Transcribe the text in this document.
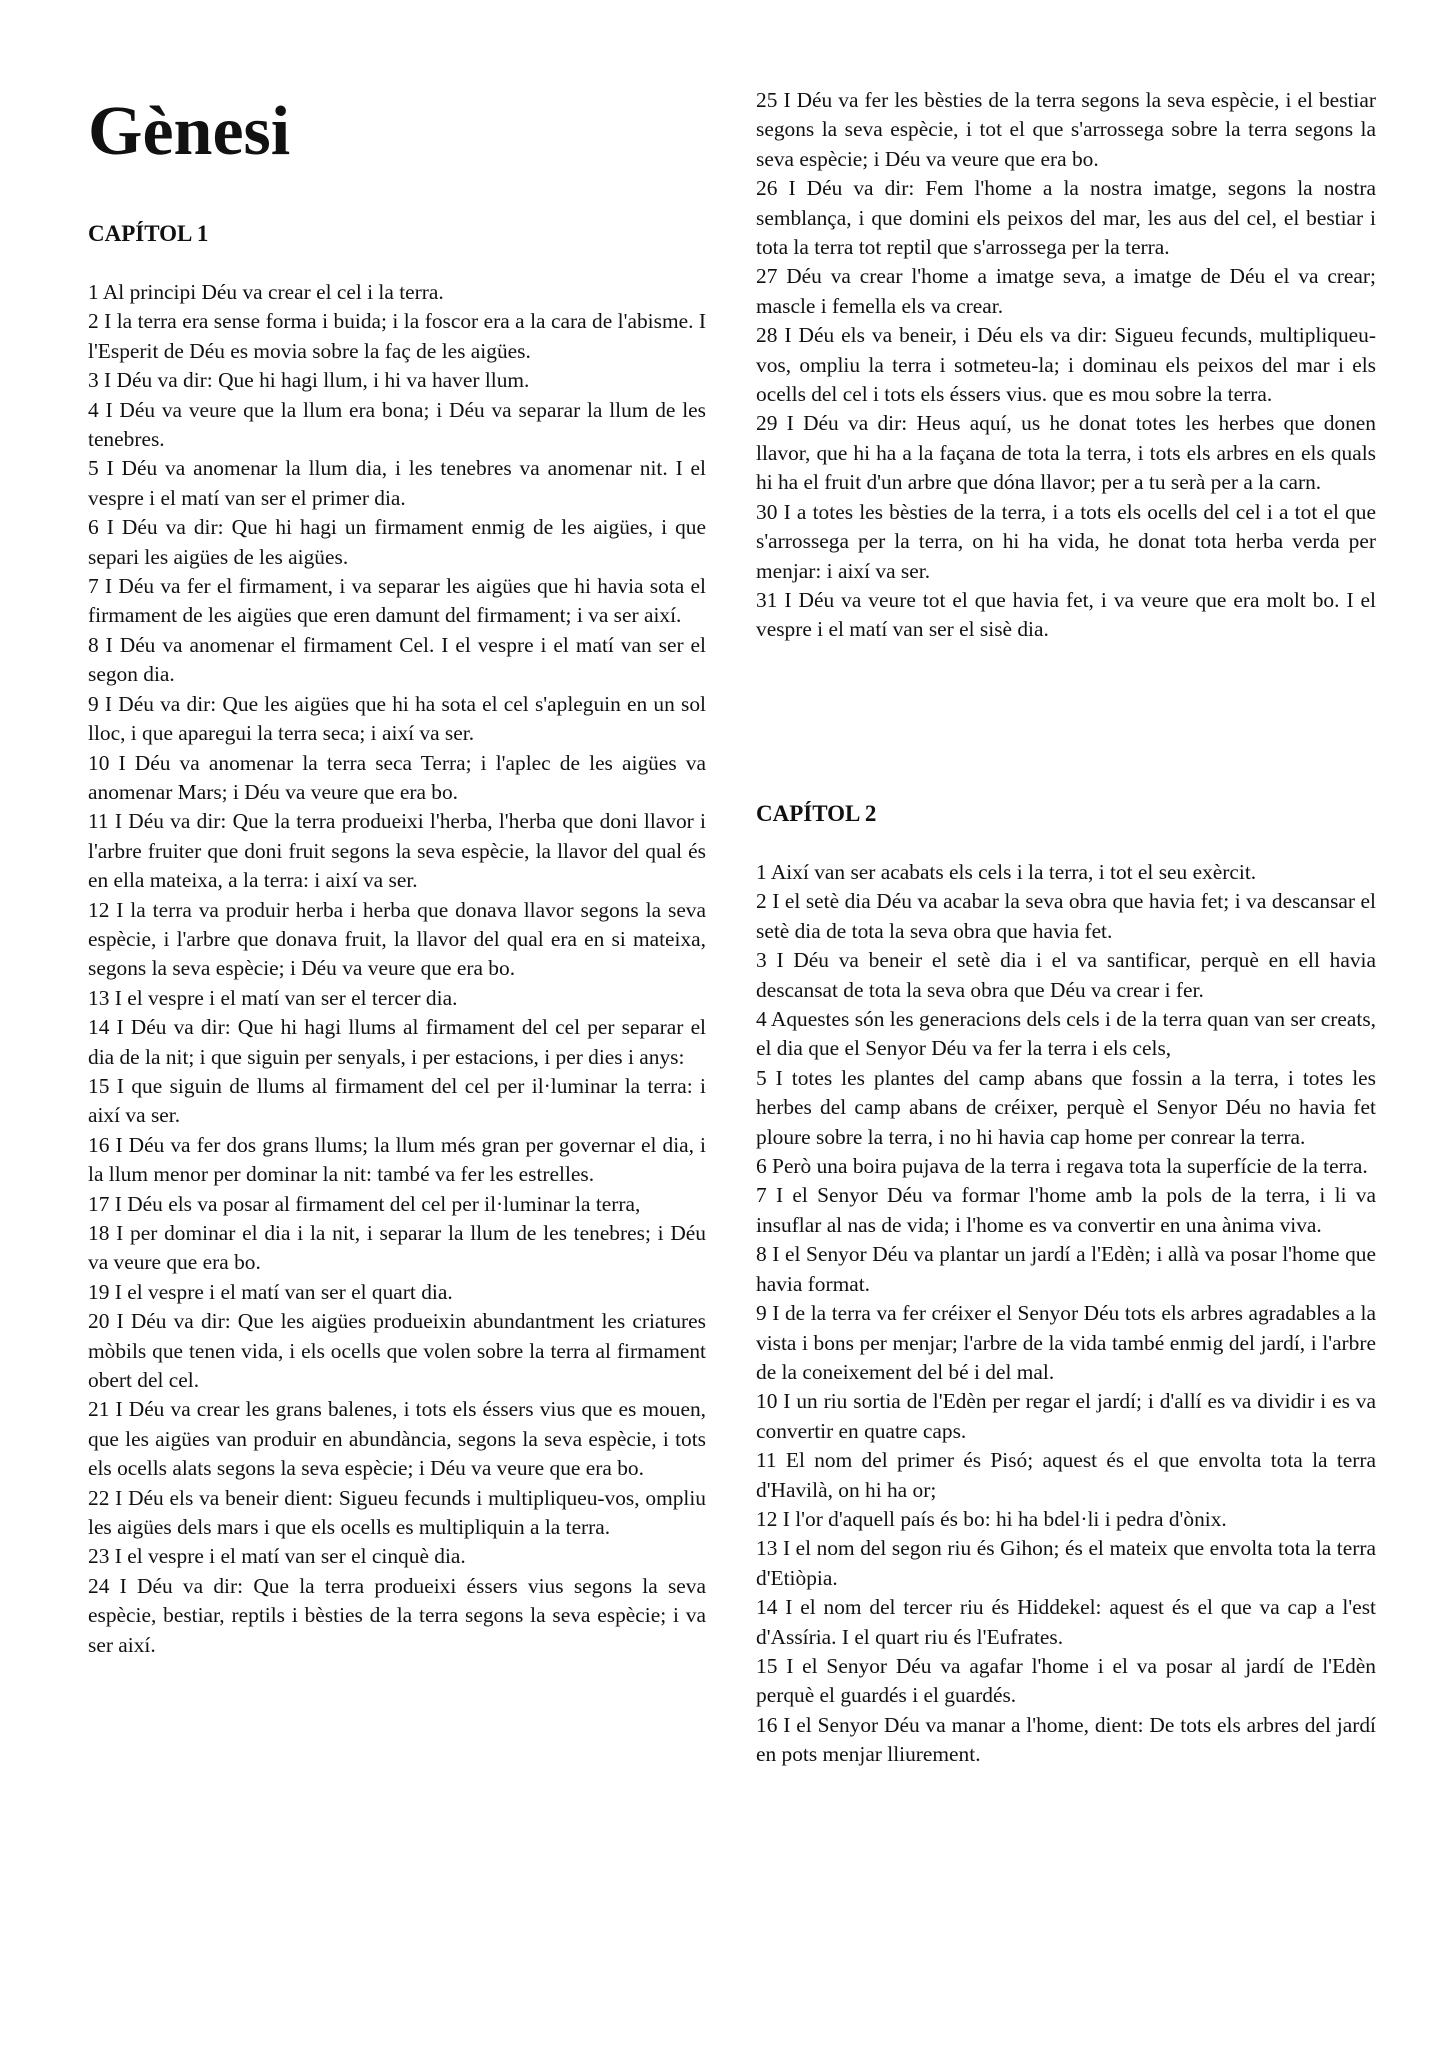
Gènesi
CAPÍTOL 1
1 Al principi Déu va crear el cel i la terra.
2 I la terra era sense forma i buida; i la foscor era a la cara de l'abisme. I l'Esperit de Déu es movia sobre la faç de les aigües.
3 I Déu va dir: Que hi hagi llum, i hi va haver llum.
4 I Déu va veure que la llum era bona; i Déu va separar la llum de les tenebres.
5 I Déu va anomenar la llum dia, i les tenebres va anomenar nit. I el vespre i el matí van ser el primer dia.
6 I Déu va dir: Que hi hagi un firmament enmig de les aigües, i que separi les aigües de les aigües.
7 I Déu va fer el firmament, i va separar les aigües que hi havia sota el firmament de les aigües que eren damunt del firmament; i va ser així.
8 I Déu va anomenar el firmament Cel. I el vespre i el matí van ser el segon dia.
9 I Déu va dir: Que les aigües que hi ha sota el cel s'apleguin en un sol lloc, i que aparegui la terra seca; i així va ser.
10 I Déu va anomenar la terra seca Terra; i l'aplec de les aigües va anomenar Mars; i Déu va veure que era bo.
11 I Déu va dir: Que la terra produeixi l'herba, l'herba que doni llavor i l'arbre fruiter que doni fruit segons la seva espècie, la llavor del qual és en ella mateixa, a la terra: i així va ser.
12 I la terra va produir herba i herba que donava llavor segons la seva espècie, i l'arbre que donava fruit, la llavor del qual era en si mateixa, segons la seva espècie; i Déu va veure que era bo.
13 I el vespre i el matí van ser el tercer dia.
14 I Déu va dir: Que hi hagi llums al firmament del cel per separar el dia de la nit; i que siguin per senyals, i per estacions, i per dies i anys:
15 I que siguin de llums al firmament del cel per il·luminar la terra: i així va ser.
16 I Déu va fer dos grans llums; la llum més gran per governar el dia, i la llum menor per dominar la nit: també va fer les estrelles.
17 I Déu els va posar al firmament del cel per il·luminar la terra,
18 I per dominar el dia i la nit, i separar la llum de les tenebres; i Déu va veure que era bo.
19 I el vespre i el matí van ser el quart dia.
20 I Déu va dir: Que les aigües produeixin abundantment les criatures mòbils que tenen vida, i els ocells que volen sobre la terra al firmament obert del cel.
21 I Déu va crear les grans balenes, i tots els éssers vius que es mouen, que les aigües van produir en abundància, segons la seva espècie, i tots els ocells alats segons la seva espècie; i Déu va veure que era bo.
22 I Déu els va beneir dient: Sigueu fecunds i multipliqueu-vos, ompliu les aigües dels mars i que els ocells es multipliquin a la terra.
23 I el vespre i el matí van ser el cinquè dia.
24 I Déu va dir: Que la terra produeixi éssers vius segons la seva espècie, bestiar, reptils i bèsties de la terra segons la seva espècie; i va ser així.
25 I Déu va fer les bèsties de la terra segons la seva espècie, i el bestiar segons la seva espècie, i tot el que s'arrossega sobre la terra segons la seva espècie; i Déu va veure que era bo.
26 I Déu va dir: Fem l'home a la nostra imatge, segons la nostra semblança, i que domini els peixos del mar, les aus del cel, el bestiar i tota la terra tot reptil que s'arrossega per la terra.
27 Déu va crear l'home a imatge seva, a imatge de Déu el va crear; mascle i femella els va crear.
28 I Déu els va beneir, i Déu els va dir: Sigueu fecunds, multipliqueu-vos, ompliu la terra i sotmeteu-la; i dominau els peixos del mar i els ocells del cel i tots els éssers vius. que es mou sobre la terra.
29 I Déu va dir: Heus aquí, us he donat totes les herbes que donen llavor, que hi ha a la façana de tota la terra, i tots els arbres en els quals hi ha el fruit d'un arbre que dóna llavor; per a tu serà per a la carn.
30 I a totes les bèsties de la terra, i a tots els ocells del cel i a tot el que s'arrossega per la terra, on hi ha vida, he donat tota herba verda per menjar: i així va ser.
31 I Déu va veure tot el que havia fet, i va veure que era molt bo. I el vespre i el matí van ser el sisè dia.
CAPÍTOL 2
1 Així van ser acabats els cels i la terra, i tot el seu exèrcit.
2 I el setè dia Déu va acabar la seva obra que havia fet; i va descansar el setè dia de tota la seva obra que havia fet.
3 I Déu va beneir el setè dia i el va santificar, perquè en ell havia descansat de tota la seva obra que Déu va crear i fer.
4 Aquestes són les generacions dels cels i de la terra quan van ser creats, el dia que el Senyor Déu va fer la terra i els cels,
5 I totes les plantes del camp abans que fossin a la terra, i totes les herbes del camp abans de créixer, perquè el Senyor Déu no havia fet ploure sobre la terra, i no hi havia cap home per conrear la terra.
6 Però una boira pujava de la terra i regava tota la superfície de la terra.
7 I el Senyor Déu va formar l'home amb la pols de la terra, i li va insuflar al nas de vida; i l'home es va convertir en una ànima viva.
8 I el Senyor Déu va plantar un jardí a l'Edèn; i allà va posar l'home que havia format.
9 I de la terra va fer créixer el Senyor Déu tots els arbres agradables a la vista i bons per menjar; l'arbre de la vida també enmig del jardí, i l'arbre de la coneixement del bé i del mal.
10 I un riu sortia de l'Edèn per regar el jardí; i d'allí es va dividir i es va convertir en quatre caps.
11 El nom del primer és Pisó; aquest és el que envolta tota la terra d'Havilà, on hi ha or;
12 I l'or d'aquell país és bo: hi ha bdel·li i pedra d'ònix.
13 I el nom del segon riu és Gihon; és el mateix que envolta tota la terra d'Etiòpia.
14 I el nom del tercer riu és Hiddekel: aquest és el que va cap a l'est d'Assíria. I el quart riu és l'Eufrates.
15 I el Senyor Déu va agafar l'home i el va posar al jardí de l'Edèn perquè el guardés i el guardés.
16 I el Senyor Déu va manar a l'home, dient: De tots els arbres del jardí en pots menjar lliurement.
